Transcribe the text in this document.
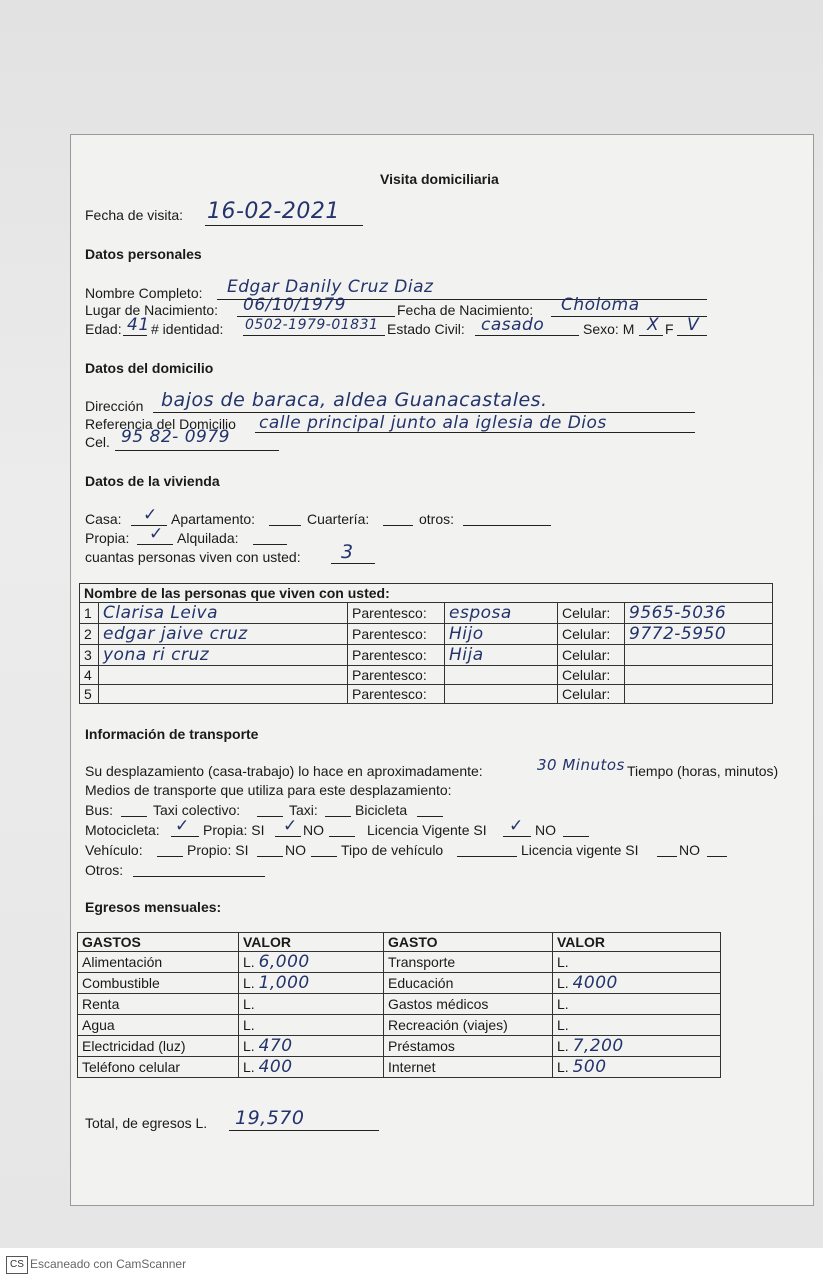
Visita domiciliaria
Fecha de visita: 16-02-2021
Datos personales
Nombre Completo: Edgar Danily Cruz Diaz
Lugar de Nacimiento: 06/10/1979	Fecha de Nacimiento: Choloma
Edad: 41 # identidad: 0502-1979-01831 Estado Civil: casado	Sexo: M X F V
Datos del domicilio
Dirección bajos de baraca, aldea Guanacastales.
Referencia del Domicilio calle principal junto ala iglesia de Dios
Cel. 95 82- 0979
Datos de la vivienda
Casa: ✓ Apartamento:	Cuartería:	otros:
Propia: ✓ Alquilada:
cuantas personas viven con usted: 3
Nombre de las personas que viven con usted:					
1	Clarisa Leiva	Parentesco:	esposa	Celular:	9565-5036
2	edgar jaive cruz	Parentesco:	Hijo	Celular:	9772-5950
3	yona ri cruz	Parentesco:	Hija	Celular:	
4		Parentesco:		Celular:	
5		Parentesco:		Celular:	
Información de transporte
Su desplazamiento (casa-trabajo) lo hace en aproximadamente:	30 Minutos Tiempo (horas, minutos)
Medios de transporte que utiliza para este desplazamiento:
Bus:	Taxi colectivo:	Taxi:	Bicicleta
Motocicleta: ✓ Propia: SI ✓ NO	Licencia Vigente SI ✓ NO
Vehículo:	Propio: SI	NO	Tipo de vehículo	Licencia vigente SI	NO
Otros:
Egresos mensuales:
GASTOS	VALOR	GASTO	VALOR
Alimentación	L. 6,000	Transporte	L.
Combustible	L. 1,000	Educación	L. 4000
Renta	L.	Gastos médicos	L.
Agua	L.	Recreación (viajes)	L.
Electricidad (luz)	L. 470	Préstamos	L. 7,200
Teléfono celular	L. 400	Internet	L. 500
Total, de egresos L. 19,570
CS Escaneado con CamScanner
